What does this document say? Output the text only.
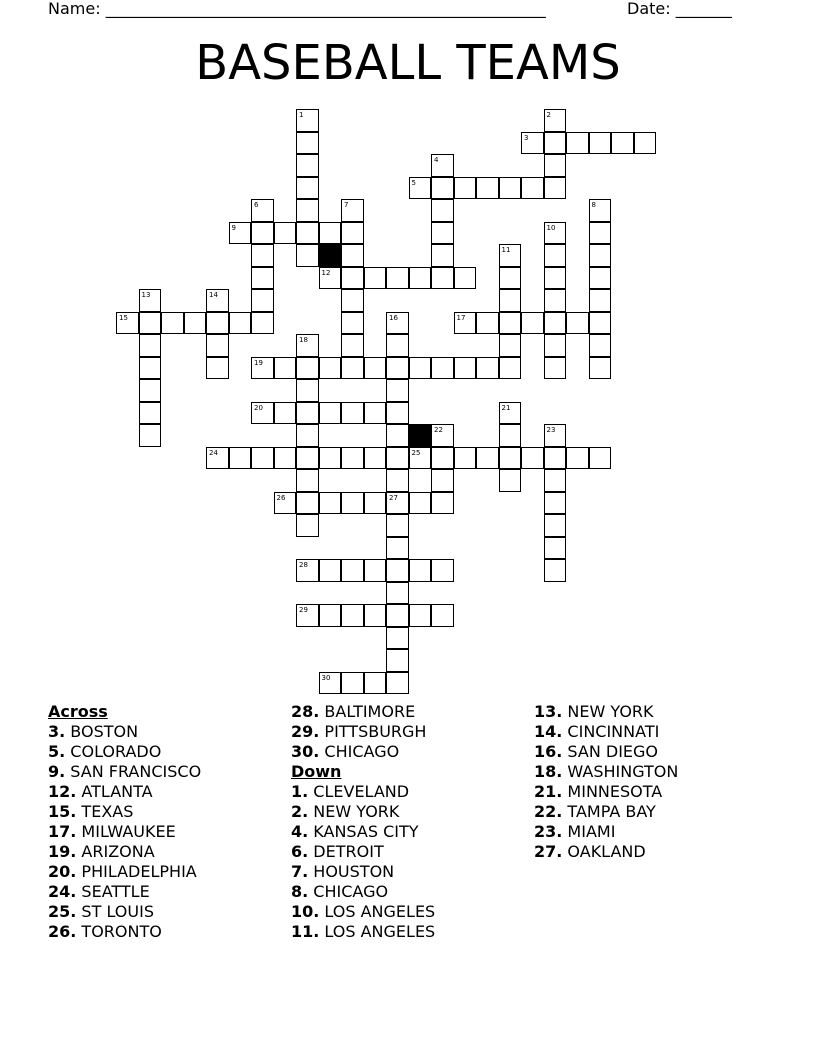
Name: _______________________________________________________	Date: _______
BASEBALL TEAMS
1	2
3
4
5
6	7	8
9	10
11
12
13	14
15	16	17
18
19
20	21
22	23
24	25
26	27
28
29
30
Across
3. BOSTON
5. COLORADO
9. SAN FRANCISCO
12. ATLANTA
15. TEXAS
17. MILWAUKEE
19. ARIZONA
20. PHILADELPHIA
24. SEATTLE
25. ST LOUIS
26. TORONTO
28. BALTIMORE
29. PITTSBURGH
30. CHICAGO
Down
1. CLEVELAND
2. NEW YORK
4. KANSAS CITY
6. DETROIT
7. HOUSTON
8. CHICAGO
10. LOS ANGELES
11. LOS ANGELES
13. NEW YORK
14. CINCINNATI
16. SAN DIEGO
18. WASHINGTON
21. MINNESOTA
22. TAMPA BAY
23. MIAMI
27. OAKLAND
